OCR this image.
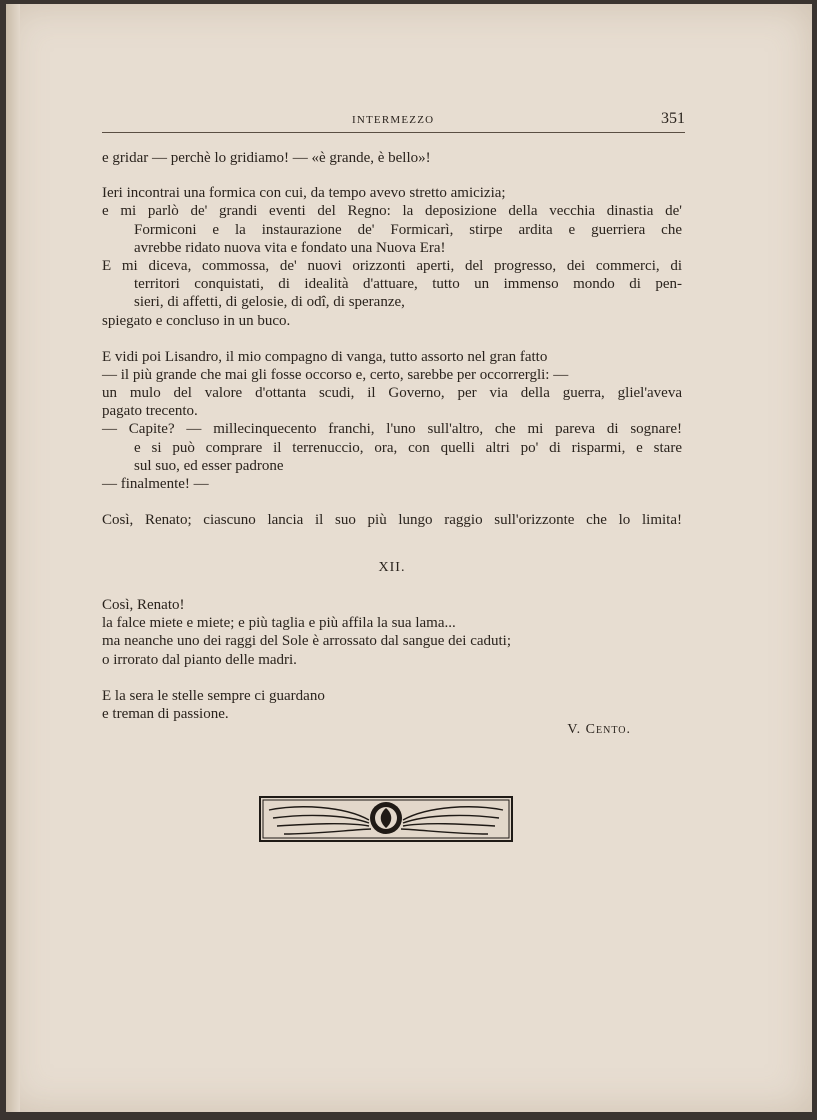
INTERMEZZO	351
e gridar — perchè lo gridiamo! — «è grande, è bello»!
Ieri incontrai una formica con cui, da tempo avevo stretto amicizia;
e mi parlò de' grandi eventi del Regno: la deposizione della vecchia dinastia de'
Formiconi e la instaurazione de' Formicarì, stirpe ardita e guerriera che
avrebbe ridato nuova vita e fondato una Nuova Era!
E mi diceva, commossa, de' nuovi orizzonti aperti, del progresso, dei commerci, di
territori conquistati, di idealità d'attuare, tutto un immenso mondo di pen-
sieri, di affetti, di gelosie, di odî, di speranze,
spiegato e concluso in un buco.
E vidi poi Lisandro, il mio compagno di vanga, tutto assorto nel gran fatto
— il più grande che mai gli fosse occorso e, certo, sarebbe per occorrergli: —
un mulo del valore d'ottanta scudi, il Governo, per via della guerra, gliel'aveva
pagato trecento.
— Capite? — millecinquecento franchi, l'uno sull'altro, che mi pareva di sognare!
e si può comprare il terrenuccio, ora, con quelli altri po' di risparmi, e stare
sul suo, ed esser padrone
— finalmente! —
Così, Renato; ciascuno lancia il suo più lungo raggio sull'orizzonte che lo limita!
XII.
Così, Renato!
la falce miete e miete; e più taglia e più affila la sua lama...
ma neanche uno dei raggi del Sole è arrossato dal sangue dei caduti;
o irrorato dal pianto delle madri.
E la sera le stelle sempre ci guardano
e treman di passione.
V. Cento.
